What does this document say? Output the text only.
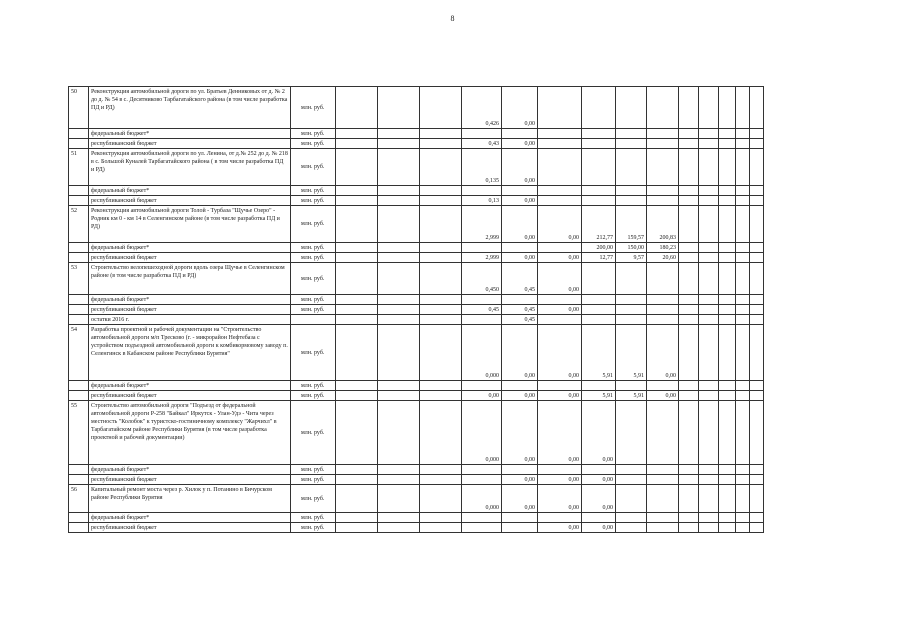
8
50	Реконструкция автомобильной дороги по ул. Братьев Денниковых от д. № 2 до д. № 54 в с. Десятниково Тарбагатайского района (в том числе разработка ПД и РД)	млн. руб.				0,426	0,00										
	федеральный бюджет*	млн. руб.															
	республиканский бюджет	млн. руб.				0,43	0,00										
51	Реконструкция автомобильной дороги по ул. Ленина, от д.№ 252 до д. № 218 в с. Большой Куналей Тарбагатайского района ( в том числе разработка ПД и РД)	млн. руб.				0,135	0,00										
	федеральный бюджет*	млн. руб.															
	республиканский бюджет	млн. руб.				0,13	0,00										
52	Реконструкция автомобильной дороги Толой - Турбаза "Щучье Озеро" - Родник км 0 - км 14 в Селенгинском районе (в том числе разработка ПД и РД)	млн. руб.				2,999	0,00	0,00	212,77	159,57	200,83						
	федеральный бюджет*	млн. руб.							200,00	150,00	180,23						
	республиканский бюджет	млн. руб.				2,999	0,00	0,00	12,77	9,57	20,60						
53	Строительство велопешеходной дороги вдоль озера Щучье в Селенгинском районе (в том числе разработка ПД и РД)	млн. руб.				0,450	0,45	0,00									
	федеральный бюджет*	млн. руб.															
	республиканский бюджет	млн. руб.				0,45	0,45	0,00									
	остатки 2016 г.						0,45										
54	Разработка проектной и рабочей документации на "Строительство автомобильной дороги м/п Тресково (г. - микрорайон Нефтебаза с устройством подъездной автомобильной дороги к комбикормовому заводу п. Селенгинск в Кабанском районе Республики Бурятия"	млн. руб.				0,000	0,00	0,00	5,91	5,91	0,00						
	федеральный бюджет*	млн. руб.															
	республиканский бюджет	млн. руб.				0,00	0,00	0,00	5,91	5,91	0,00						
55	Строительство автомобильной дороги "Подъезд от федеральной автомобильной дороги Р-258 "Байкал" Иркутск - Улан-Удэ - Чита через местность "Колобок" к туристско-гостиничному комплексу "Жарчихл" в Тарбагатайском районе Республики Бурятия (в том числе разработка проектной и рабочей документации)	млн. руб.				0,000	0,00	0,00	0,00								
	федеральный бюджет*	млн. руб.															
	республиканский бюджет	млн. руб.					0,00	0,00	0,00								
56	Капитальный ремонт моста через р. Хилок у п. Потанино в Бичурском районе Республики Бурятия	млн. руб.				0,000	0,00	0,00	0,00								
	федеральный бюджет*	млн. руб.															
	республиканский бюджет	млн. руб.						0,00	0,00								
